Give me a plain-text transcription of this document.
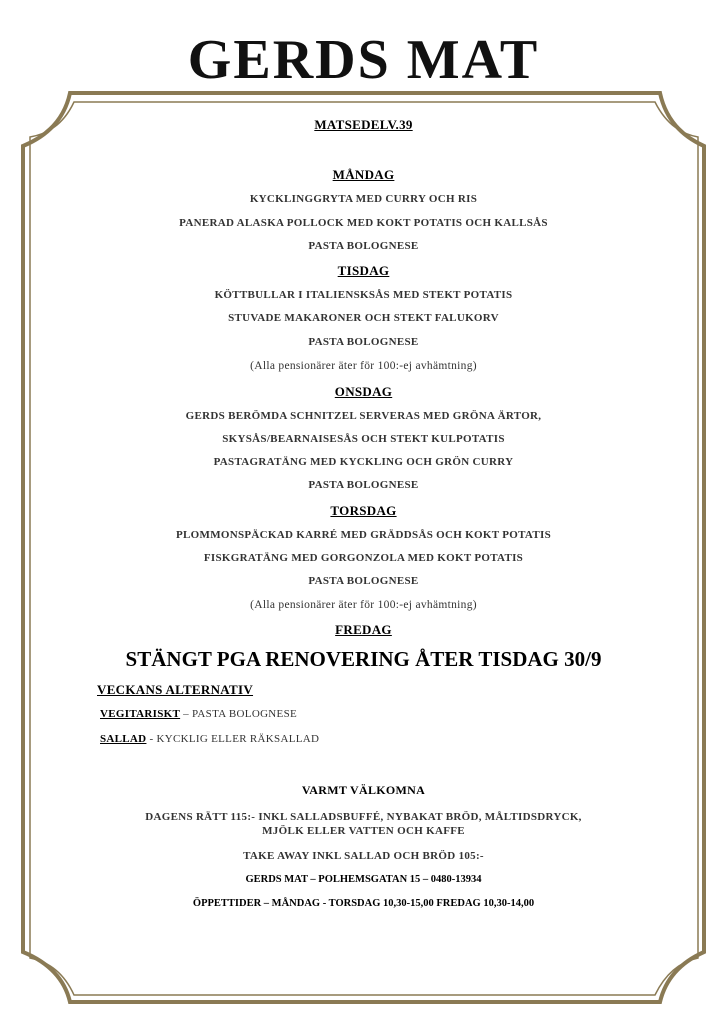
GERDS MAT
MATSEDELV.39
MÅNDAG
KYCKLINGGRYTA MED CURRY OCH RIS
PANERAD ALASKA POLLOCK MED KOKT POTATIS OCH KALLSÅS
PASTA BOLOGNESE
TISDAG
KÖTTBULLAR I ITALIENSKSÅS MED STEKT POTATIS
STUVADE MAKARONER OCH STEKT FALUKORV
PASTA BOLOGNESE
(Alla pensionärer äter för 100:-ej avhämtning)
ONSDAG
GERDS BERÖMDA SCHNITZEL SERVERAS MED GRÖNA ÄRTOR,
SKYSÅS/BEARNAISESÅS OCH STEKT KULPOTATIS
PASTAGRATÄNG MED KYCKLING OCH GRÖN CURRY
PASTA BOLOGNESE
TORSDAG
PLOMMONSPÄCKAD KARRÉ MED GRÄDDSÅS OCH KOKT POTATIS
FISKGRATÄNG MED GORGONZOLA MED KOKT POTATIS
PASTA BOLOGNESE
(Alla pensionärer äter för 100:-ej avhämtning)
FREDAG
STÄNGT PGA RENOVERING ÅTER TISDAG 30/9
VECKANS ALTERNATIV
VEGITARISKT – PASTA BOLOGNESE
SALLAD - KYCKLIG ELLER RÄKSALLAD
VARMT VÄLKOMNA
DAGENS RÄTT 115:- INKL SALLADSBUFFÉ, NYBAKAT BRÖD, MÅLTIDSDRYCK,
MJÖLK ELLER VATTEN OCH KAFFE
TAKE AWAY INKL SALLAD OCH BRÖD 105:-
GERDS MAT – POLHEMSGATAN 15 – 0480-13934
ÖPPETTIDER – MÅNDAG - TORSDAG 10,30-15,00 FREDAG 10,30-14,00
